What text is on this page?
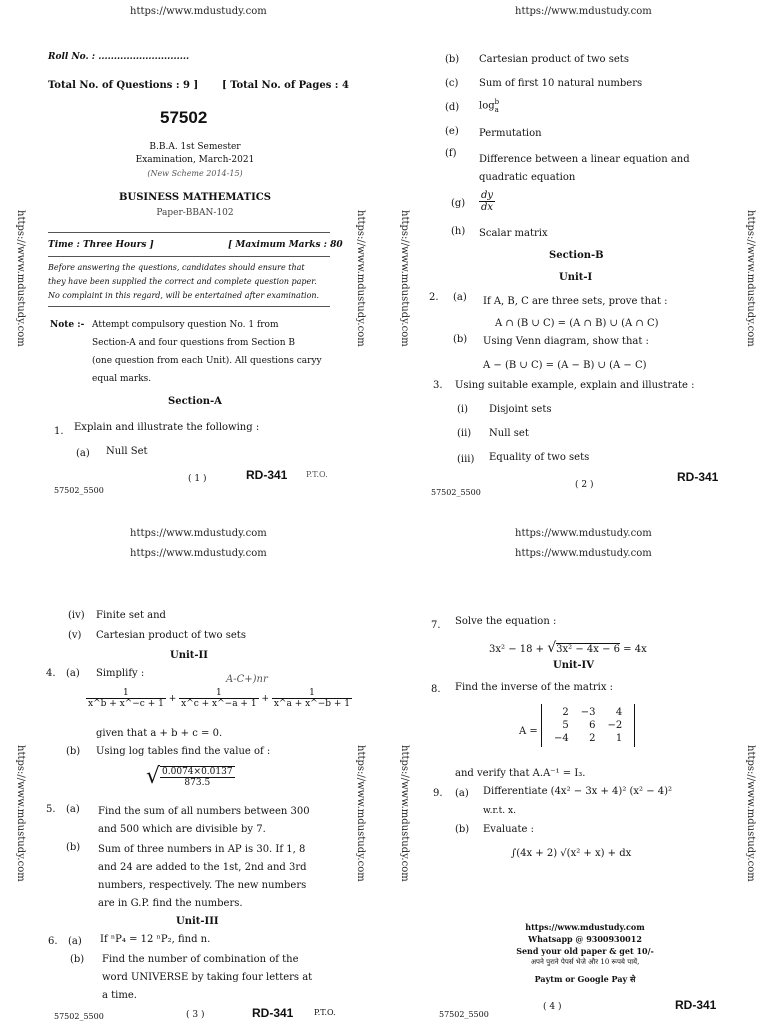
https://www.mdustudy.com	https://www.mdustudy.com
https://www.mdustudy.com
https://www.mdustudy.com
https://www.mdustudy.com
https://www.mdustudy.com
https://www.mdustudy.com	https://www.mdustudy.com	https://www.mdustudy.com	https://www.mdustudy.com
https://www.mdustudy.com	https://www.mdustudy.com	https://www.mdustudy.com	https://www.mdustudy.com
Roll No. : .............................
Total No. of Questions : 9 ] [ Total No. of Pages : 4
57502
B.B.A. 1st Semester
Examination, March-2021
(New Scheme 2014-15)
BUSINESS MATHEMATICS
Paper-BBAN-102
Time : Three Hours ]	[ Maximum Marks : 80
Before answering the questions, candidates should ensure that
they have been supplied the correct and complete question paper.
No complaint in this regard, will be entertained after examination.
Note :- Attempt compulsory question No. 1 from
Section-A and four questions from Section B
(one question from each Unit). All questions caryy
equal marks.
Section-A
1. Explain and illustrate the following :
(a) Null Set
57502_5500
( 1 )	RD-341 P.T.O.
(b) Cartesian product of two sets
(c) Sum of first 10 natural numbers
(d) log b
a
(e) Permutation
(f)
Difference between a linear equation and
quadratic equation
$(g) \frac{dy}{dx}$
(h) Scalar matrix
Section-B
Unit-I
2. (a) If A, B, C are three sets, prove that :
A ∩ (B ∪ C) = (A ∩ B) ∪ (A ∩ C)
(b) Using Venn diagram, show that :
A − (B ∪ C) = (A − B) ∪ (A − C)
3. Using suitable example, explain and illustrate :
(i) Disjoint sets
(ii) Null set
(iii) Equality of two sets
57502_5500
( 2 )
RD-341
(iv) Finite set and
(v) Cartesian product of two sets
Unit-II
4. (a) Simplify :
A-C+)nr
$\frac{1}{x\^{}b + x\^{}-c + 1} + \frac{1}{x\^{}c + x\^{}-a + 1} + \frac{1}{x\^{}a + x\^{}-b + 1}$
given that a + b + c = 0.
(b) Using log tables find the value of :
√ $\frac{0.0074\times 0.0137}{873.5}$
5. (a) Find the sum of all numbers between 300
and 500 which are divisible by 7.
(b) Sum of three numbers in AP is 30. If 1, 8
and 24 are added to the 1st, 2nd and 3rd
numbers, respectively. The new numbers
are in G.P. find the numbers.
Unit-III
6. (a) If ⁿP₄ = 12 ⁿP₂, find n.
(b) Find the number of combination of the
word UNIVERSE by taking four letters at
a time.
57502_5500	( 3 )	RD-341	P.T.O.
7. Solve the equation :
3x² − 18 + √3x² − 4x − 6 = 4x
Unit-IV
8. Find the inverse of the matrix :
A =
2	−3	4
5	6	−2
−4	2	1
and verify that A.A⁻¹ = I₃.
9. (a) Differentiate (4x² − 3x + 4)² (x² − 4)²
w.r.t. x.
(b) Evaluate :
∫(4x + 2) √(x² + x) + dx
https://www.mdustudy.com
Whatsapp @ 9300930012
Send your old paper & get 10/-
अपने पुराने पेपर्स भेजे और 10 रूपये पायें,
Paytm or Google Pay से
57502_5500
( 4 )	RD-341
